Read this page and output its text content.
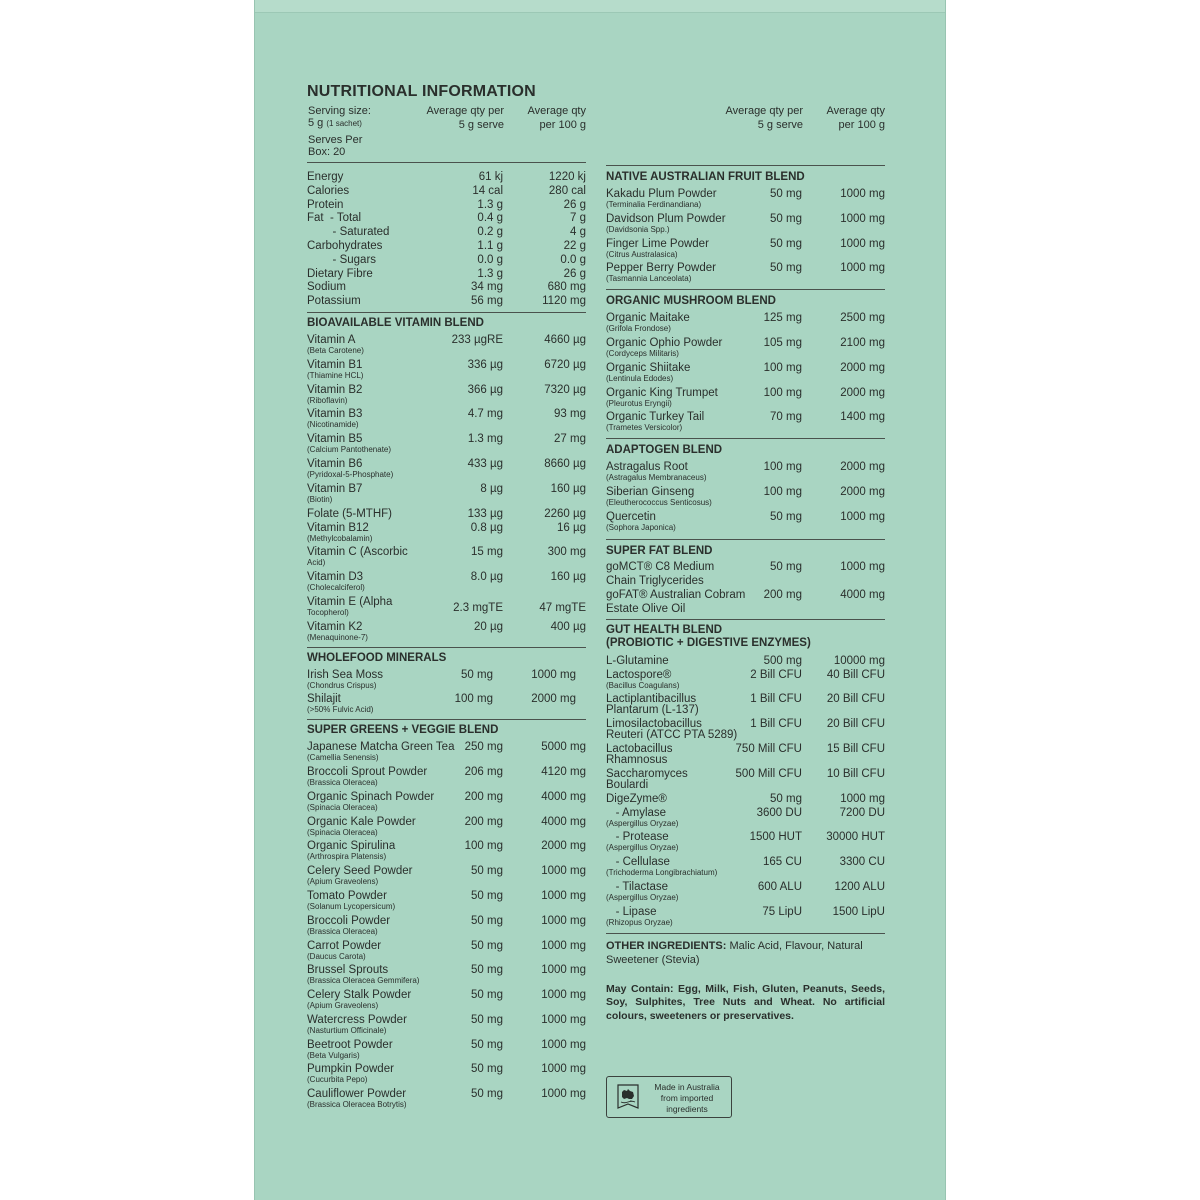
NUTRITIONAL INFORMATION
Serving size:
5 g (1 sachet)
Serves Per
Box: 20
Average qty per
5 g serve
Average qty
per 100 g
Average qty per
5 g serve
Average qty
per 100 g
Energy	61 kj	1220 kj
Calories	14 cal	280 cal
Protein	1.3 g	26 g
Fat  - Total	0.4 g	7 g
- Saturated	0.2 g	4 g
Carbohydrates	1.1 g	22 g
- Sugars	0.0 g	0.0 g
Dietary Fibre	1.3 g	26 g
Sodium	34 mg	680 mg
Potassium	56 mg	1120 mg
BIOAVAILABLE VITAMIN BLEND
Vitamin A
(Beta Carotene)
233 µgRE	4660 µg
Vitamin B1
(Thiamine HCL)
336 µg	6720 µg
Vitamin B2
(Riboflavin)
366 µg	7320 µg
Vitamin B3
(Nicotinamide)
4.7 mg	93 mg
Vitamin B5
(Calcium Pantothenate)
1.3 mg	27 mg
Vitamin B6
(Pyridoxal-5-Phosphate)
433 µg	8660 µg
Vitamin B7
(Biotin)
8 µg	160 µg
Folate (5-MTHF)	133 µg	2260 µg
Vitamin B12
(Methylcobalamin)
0.8 µg	16 µg
Vitamin C (Ascorbic
Acid)
15 mg	300 mg
Vitamin D3
(Cholecalciferol)
8.0 µg	160 µg
Vitamin E (Alpha
Tocopherol)	2.3 mgTE	47 mgTE
Vitamin K2
(Menaquinone-7)
20 µg	400 µg
WHOLEFOOD MINERALS
Irish Sea Moss
(Chondrus Crispus)
50 mg	1000 mg
Shilajit
(>50% Fulvic Acid)
100 mg	2000 mg
SUPER GREENS + VEGGIE BLEND
Japanese Matcha Green Tea
(Camellia Senensis)
250 mg	5000 mg
Broccoli Sprout Powder
(Brassica Oleracea)
206 mg	4120 mg
Organic Spinach Powder
(Spinacia Oleracea)
200 mg	4000 mg
Organic Kale Powder
(Spinacia Oleracea)
200 mg	4000 mg
Organic Spirulina
(Arthrospira Platensis)
100 mg	2000 mg
Celery Seed Powder
(Apium Graveolens)
50 mg	1000 mg
Tomato Powder
(Solanum Lycopersicum)
50 mg	1000 mg
Broccoli Powder
(Brassica Oleracea)
50 mg	1000 mg
Carrot Powder
(Daucus Carota)
50 mg	1000 mg
Brussel Sprouts
(Brassica Oleracea Gemmifera)
50 mg	1000 mg
Celery Stalk Powder
(Apium Graveolens)
50 mg	1000 mg
Watercress Powder
(Nasturtium Officinale)
50 mg	1000 mg
Beetroot Powder
(Beta Vulgaris)
50 mg	1000 mg
Pumpkin Powder
(Cucurbita Pepo)
50 mg	1000 mg
Cauliflower Powder
(Brassica Oleracea Botrytis)
50 mg	1000 mg
NATIVE AUSTRALIAN FRUIT BLEND
Kakadu Plum Powder
(Terminalia Ferdinandiana)
50 mg	1000 mg
Davidson Plum Powder
(Davidsonia Spp.)
50 mg	1000 mg
Finger Lime Powder
(Citrus Australasica)
50 mg	1000 mg
Pepper Berry Powder
(Tasmannia Lanceolata)
50 mg	1000 mg
ORGANIC MUSHROOM BLEND
Organic Maitake
(Grifola Frondose)
125 mg	2500 mg
Organic Ophio Powder
(Cordyceps Militaris)
105 mg	2100 mg
Organic Shiitake
(Lentinula Edodes)
100 mg	2000 mg
Organic King Trumpet
(Pleurotus Eryngii)
100 mg	2000 mg
Organic Turkey Tail
(Trametes Versicolor)
70 mg	1400 mg
ADAPTOGEN BLEND
Astragalus Root
(Astragalus Membranaceus)
100 mg	2000 mg
Siberian Ginseng
(Eleutherococcus Senticosus)
100 mg	2000 mg
Quercetin
(Sophora Japonica)
50 mg	1000 mg
SUPER FAT BLEND
goMCT® C8 Medium
Chain Triglycerides
50 mg	1000 mg
goFAT® Australian Cobram
Estate Olive Oil
200 mg	4000 mg
GUT HEALTH BLEND
(PROBIOTIC + DIGESTIVE ENZYMES)
L-Glutamine	500 mg	10000 mg
Lactospore®
(Bacillus Coagulans)
2 Bill CFU 40 Bill CFU
Lactiplantibacillus
Plantarum (L-137)
1 Bill CFU 20 Bill CFU
Limosilactobacillus
Reuteri (ATCC PTA 5289)
1 Bill CFU 20 Bill CFU
Lactobacillus
Rhamnosus
750 Mill CFU 15 Bill CFU
Saccharomyces
Boulardi
500 Mill CFU 10 Bill CFU
DigeZyme®	50 mg	1000 mg
- Amylase
(Aspergillus Oryzae)
3600 DU	7200 DU
- Protease
(Aspergillus Oryzae)
1500 HUT 30000 HUT
- Cellulase
(Trichoderma Longibrachiatum)
165 CU	3300 CU
- Tilactase
(Aspergillus Oryzae)
600 ALU	1200 ALU
- Lipase
(Rhizopus Oryzae)
75 LipU	1500 LipU
OTHER INGREDIENTS: Malic Acid, Flavour, Natural Sweetener (Stevia)
May Contain: Egg, Milk, Fish, Gluten, Peanuts, Seeds, Soy, Sulphites, Tree Nuts and Wheat. No artificial colours, sweeteners or preservatives.
Made in Australia
from imported
ingredients
